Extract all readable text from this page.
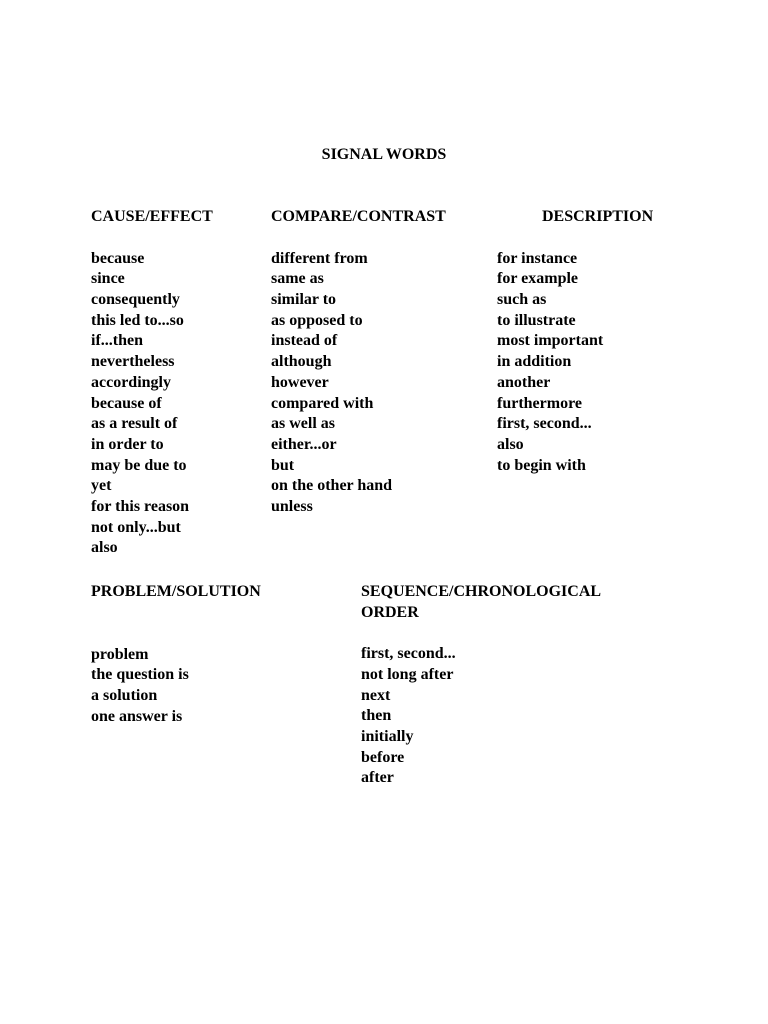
SIGNAL WORDS
CAUSE/EFFECT
because
since
consequently
this led to...so
if...then
nevertheless
accordingly
because of
as a result of
in order to
may be due to
yet
for this reason
not only...but
also
COMPARE/CONTRAST
different from
same as
similar to
as opposed to
instead of
although
however
compared with
as well as
either...or
but
on the other hand
unless
DESCRIPTION
for instance
for example
such as
to illustrate
most important
in addition
another
furthermore
first, second...
also
to begin with
PROBLEM/SOLUTION
problem
the question is
a solution
one answer is
SEQUENCE/CHRONOLOGICAL
ORDER
first, second...
not long after
next
then
initially
before
after
